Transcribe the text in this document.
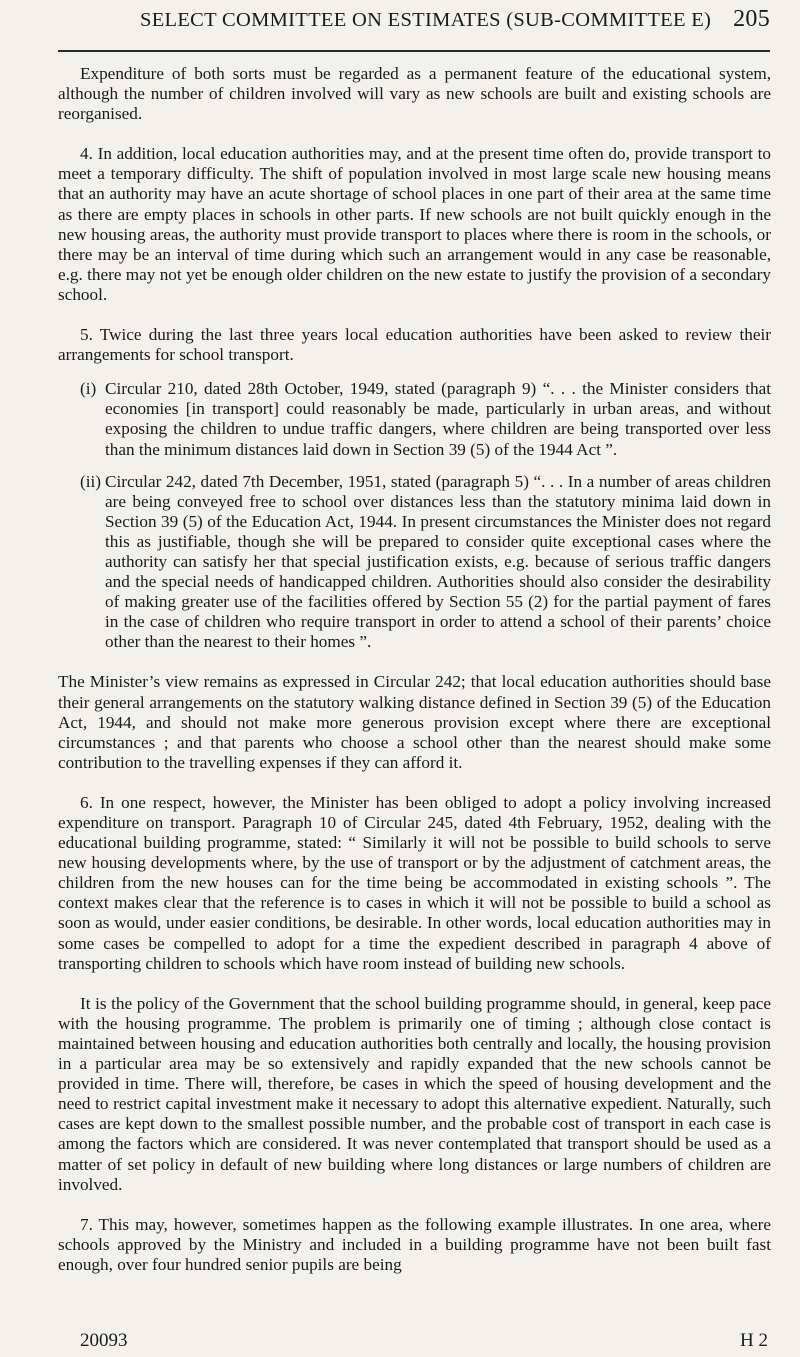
SELECT COMMITTEE ON ESTIMATES (SUB-COMMITTEE E) 205

Expenditure of both sorts must be regarded as a permanent feature of the educational system, although the number of children involved will vary as new schools are built and existing schools are reorganised.

4. In addition, local education authorities may, and at the present time often do, provide transport to meet a temporary difficulty. The shift of population involved in most large scale new housing means that an authority may have an acute shortage of school places in one part of their area at the same time as there are empty places in schools in other parts. If new schools are not built quickly enough in the new housing areas, the authority must provide transport to places where there is room in the schools, or there may be an interval of time during which such an arrangement would in any case be reasonable, e.g. there may not yet be enough older children on the new estate to justify the provision of a secondary school.

5. Twice during the last three years local education authorities have been asked to review their arrangements for school transport.

(i) Circular 210, dated 28th October, 1949, stated (paragraph 9) “. . . the Minister considers that economies [in transport] could reasonably be made, particularly in urban areas, and without exposing the children to undue traffic dangers, where children are being transported over less than the minimum distances laid down in Section 39 (5) of the 1944 Act ”.

(ii) Circular 242, dated 7th December, 1951, stated (paragraph 5) “. . . In a number of areas children are being conveyed free to school over distances less than the statutory minima laid down in Section 39 (5) of the Education Act, 1944. In present circumstances the Minister does not regard this as justifiable, though she will be prepared to consider quite exceptional cases where the authority can satisfy her that special justification exists, e.g. because of serious traffic dangers and the special needs of handicapped children. Authorities should also consider the desirability of making greater use of the facilities offered by Section 55 (2) for the partial payment of fares in the case of children who require transport in order to attend a school of their parents’ choice other than the nearest to their homes ”.

The Minister’s view remains as expressed in Circular 242; that local education authorities should base their general arrangements on the statutory walking distance defined in Section 39 (5) of the Education Act, 1944, and should not make more generous provision except where there are exceptional circumstances ; and that parents who choose a school other than the nearest should make some contribution to the travelling expenses if they can afford it.

6. In one respect, however, the Minister has been obliged to adopt a policy involving increased expenditure on transport. Paragraph 10 of Circular 245, dated 4th February, 1952, dealing with the educational building programme, stated: “ Similarly it will not be possible to build schools to serve new housing developments where, by the use of transport or by the adjustment of catchment areas, the children from the new houses can for the time being be accommodated in existing schools ”. The context makes clear that the reference is to cases in which it will not be possible to build a school as soon as would, under easier conditions, be desirable. In other words, local education authorities may in some cases be compelled to adopt for a time the expedient described in paragraph 4 above of transporting children to schools which have room instead of building new schools.

It is the policy of the Government that the school building programme should, in general, keep pace with the housing programme. The problem is primarily one of timing ; although close contact is maintained between housing and education authorities both centrally and locally, the housing provision in a particular area may be so extensively and rapidly expanded that the new schools cannot be provided in time. There will, therefore, be cases in which the speed of housing development and the need to restrict capital investment make it necessary to adopt this alternative expedient. Naturally, such cases are kept down to the smallest possible number, and the probable cost of transport in each case is among the factors which are considered. It was never contemplated that transport should be used as a matter of set policy in default of new building where long distances or large numbers of children are involved.

7. This may, however, sometimes happen as the following example illustrates. In one area, where schools approved by the Ministry and included in a building programme have not been built fast enough, over four hundred senior pupils are being

20093	H 2
